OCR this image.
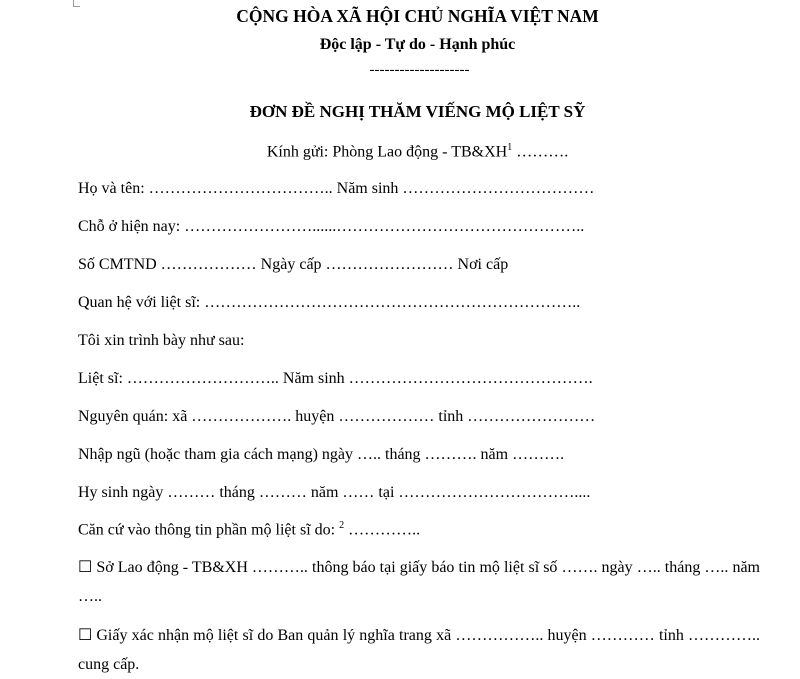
CỘNG HÒA XÃ HỘI CHỦ NGHĨA VIỆT NAM
Độc lập - Tự do - Hạnh phúc
--------------------
ĐƠN ĐỀ NGHỊ THĂM VIẾNG MỘ LIỆT SỸ
Kính gửi: Phòng Lao động - $TB\&XH^1$ ……….
Họ và tên: …………………………….. Năm sinh ………………………………
Chỗ ở hiện nay: ……………………......………………………………………..
Số CMTND ……………… Ngày cấp …………………… Nơi cấp
Quan hệ với liệt sĩ: ……………………………………………………………..
Tôi xin trình bày như sau:
Liệt sĩ: ……………………….. Năm sinh ……………………………………….
Nguyên quán: xã ………………. huyện ……………… tỉnh ……………………
Nhập ngũ (hoặc tham gia cách mạng) ngày ….. tháng ………. năm ……….
Hy sinh ngày ……… tháng ……… năm …… tại ……………………………....
Căn cứ vào thông tin phần mộ liệt sĩ do: $^2$ …………..
☐ Sở Lao động - TB&XH ……….. thông báo tại giấy báo tin mộ liệt sĩ số ……. ngày ….. tháng ….. năm …..
☐ Giấy xác nhận mộ liệt sĩ do Ban quản lý nghĩa trang xã …………….. huyện ………… tỉnh ………….. cung cấp.
